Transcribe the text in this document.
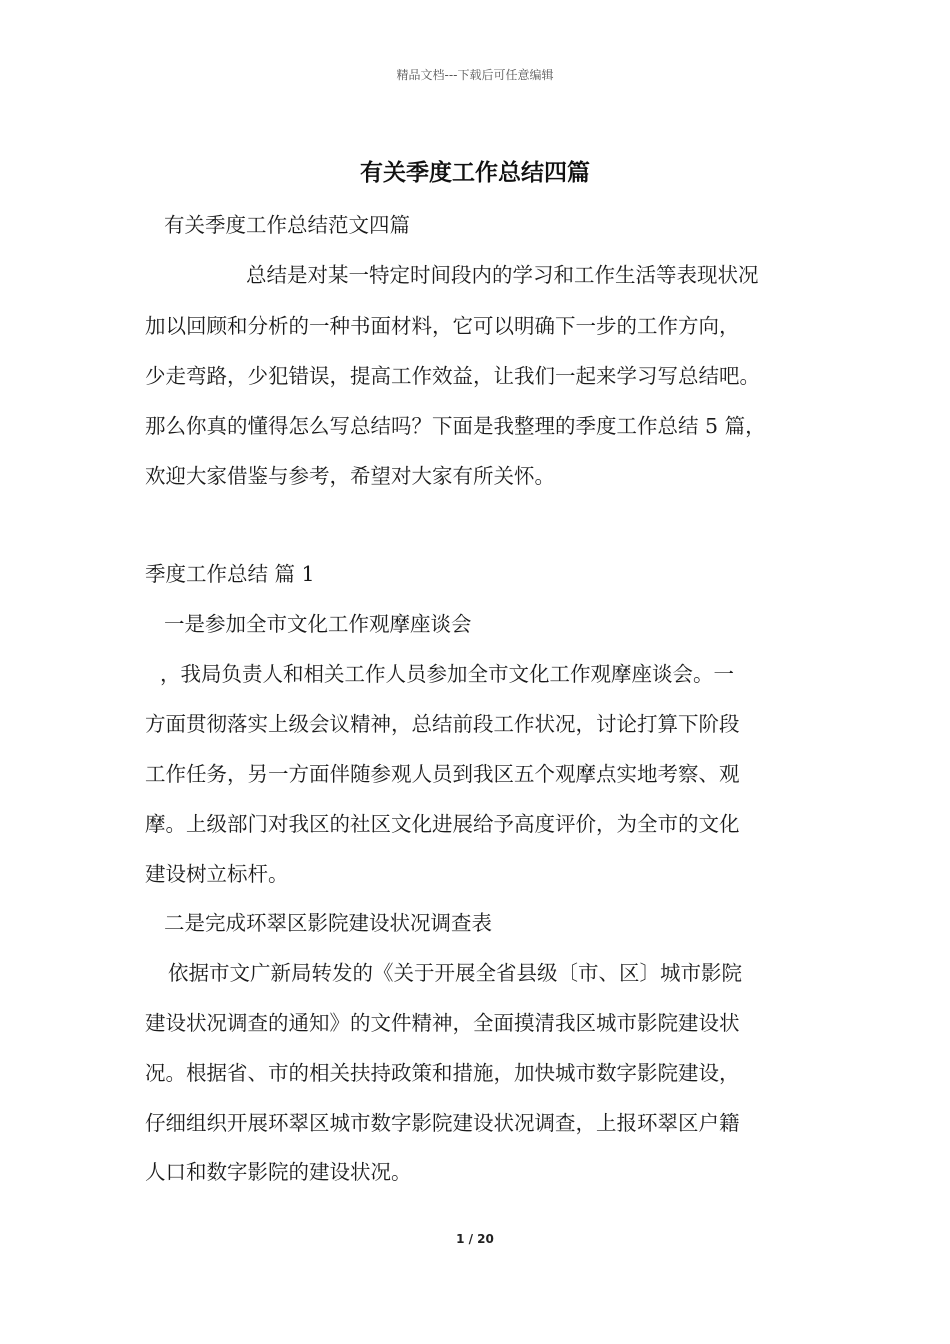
精品文档---下载后可任意编辑
有关季度工作总结四篇
有关季度工作总结范文四篇
总结是对某一特定时间段内的学习和工作生活等表现状况
加以回顾和分析的一种书面材料，它可以明确下一步的工作方向，
少走弯路，少犯错误，提高工作效益，让我们一起来学习写总结吧。
那么你真的懂得怎么写总结吗？下面是我整理的季度工作总结 5 篇，
欢迎大家借鉴与参考，希望对大家有所关怀。
季度工作总结 篇 1
一是参加全市文化工作观摩座谈会
，我局负责人和相关工作人员参加全市文化工作观摩座谈会。一
方面贯彻落实上级会议精神，总结前段工作状况，讨论打算下阶段
工作任务，另一方面伴随参观人员到我区五个观摩点实地考察、观
摩。上级部门对我区的社区文化进展给予高度评价，为全市的文化
建设树立标杆。
二是完成环翠区影院建设状况调查表
依据市文广新局转发的《关于开展全省县级〔市、区〕城市影院
建设状况调查的通知》的文件精神，全面摸清我区城市影院建设状
况。根据省、市的相关扶持政策和措施，加快城市数字影院建设，
仔细组织开展环翠区城市数字影院建设状况调查，上报环翠区户籍
人口和数字影院的建设状况。
1 / 20
